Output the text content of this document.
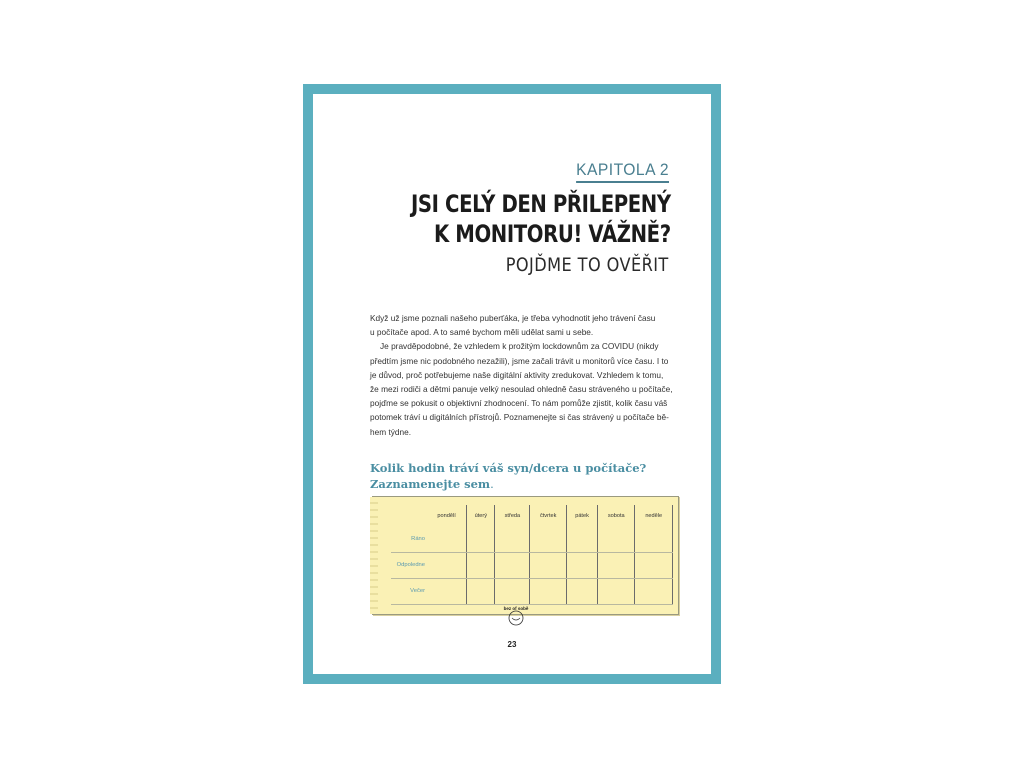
KAPITOLA 2
JSI CELÝ DEN PŘILEPENÝ
K MONITORU! VÁŽNĚ?
POJĎME TO OVĚŘIT

Když už jsme poznali našeho puberťáka, je třeba vyhodnotit jeho trávení času

u počítače apod. A to samé bychom měli udělat sami u sebe.

Je pravděpodobné, že vzhledem k prožitým lockdownům za COVIDU (nikdy

předtím jsme nic podobného nezažili), jsme začali trávit u monitorů více času. I to

je důvod, proč potřebujeme naše digitální aktivity zredukovat. Vzhledem k tomu,

že mezi rodiči a dětmi panuje velký nesoulad ohledně času stráveného u počítače,

pojďme se pokusit o objektivní zhodnocení. To nám pomůže zjistit, kolik času váš

potomek tráví u digitálních přístrojů. Poznamenejte si čas strávený u počítače bě-

hem týdne.

Kolik hodin tráví váš syn/dcera u počítače?
Zaznamenejte sem.
	pondělí	úterý	středa	čtvrtek	pátek	sobota	neděle
Ráno							
Odpoledne							
Večer							
bez of sobě
23
